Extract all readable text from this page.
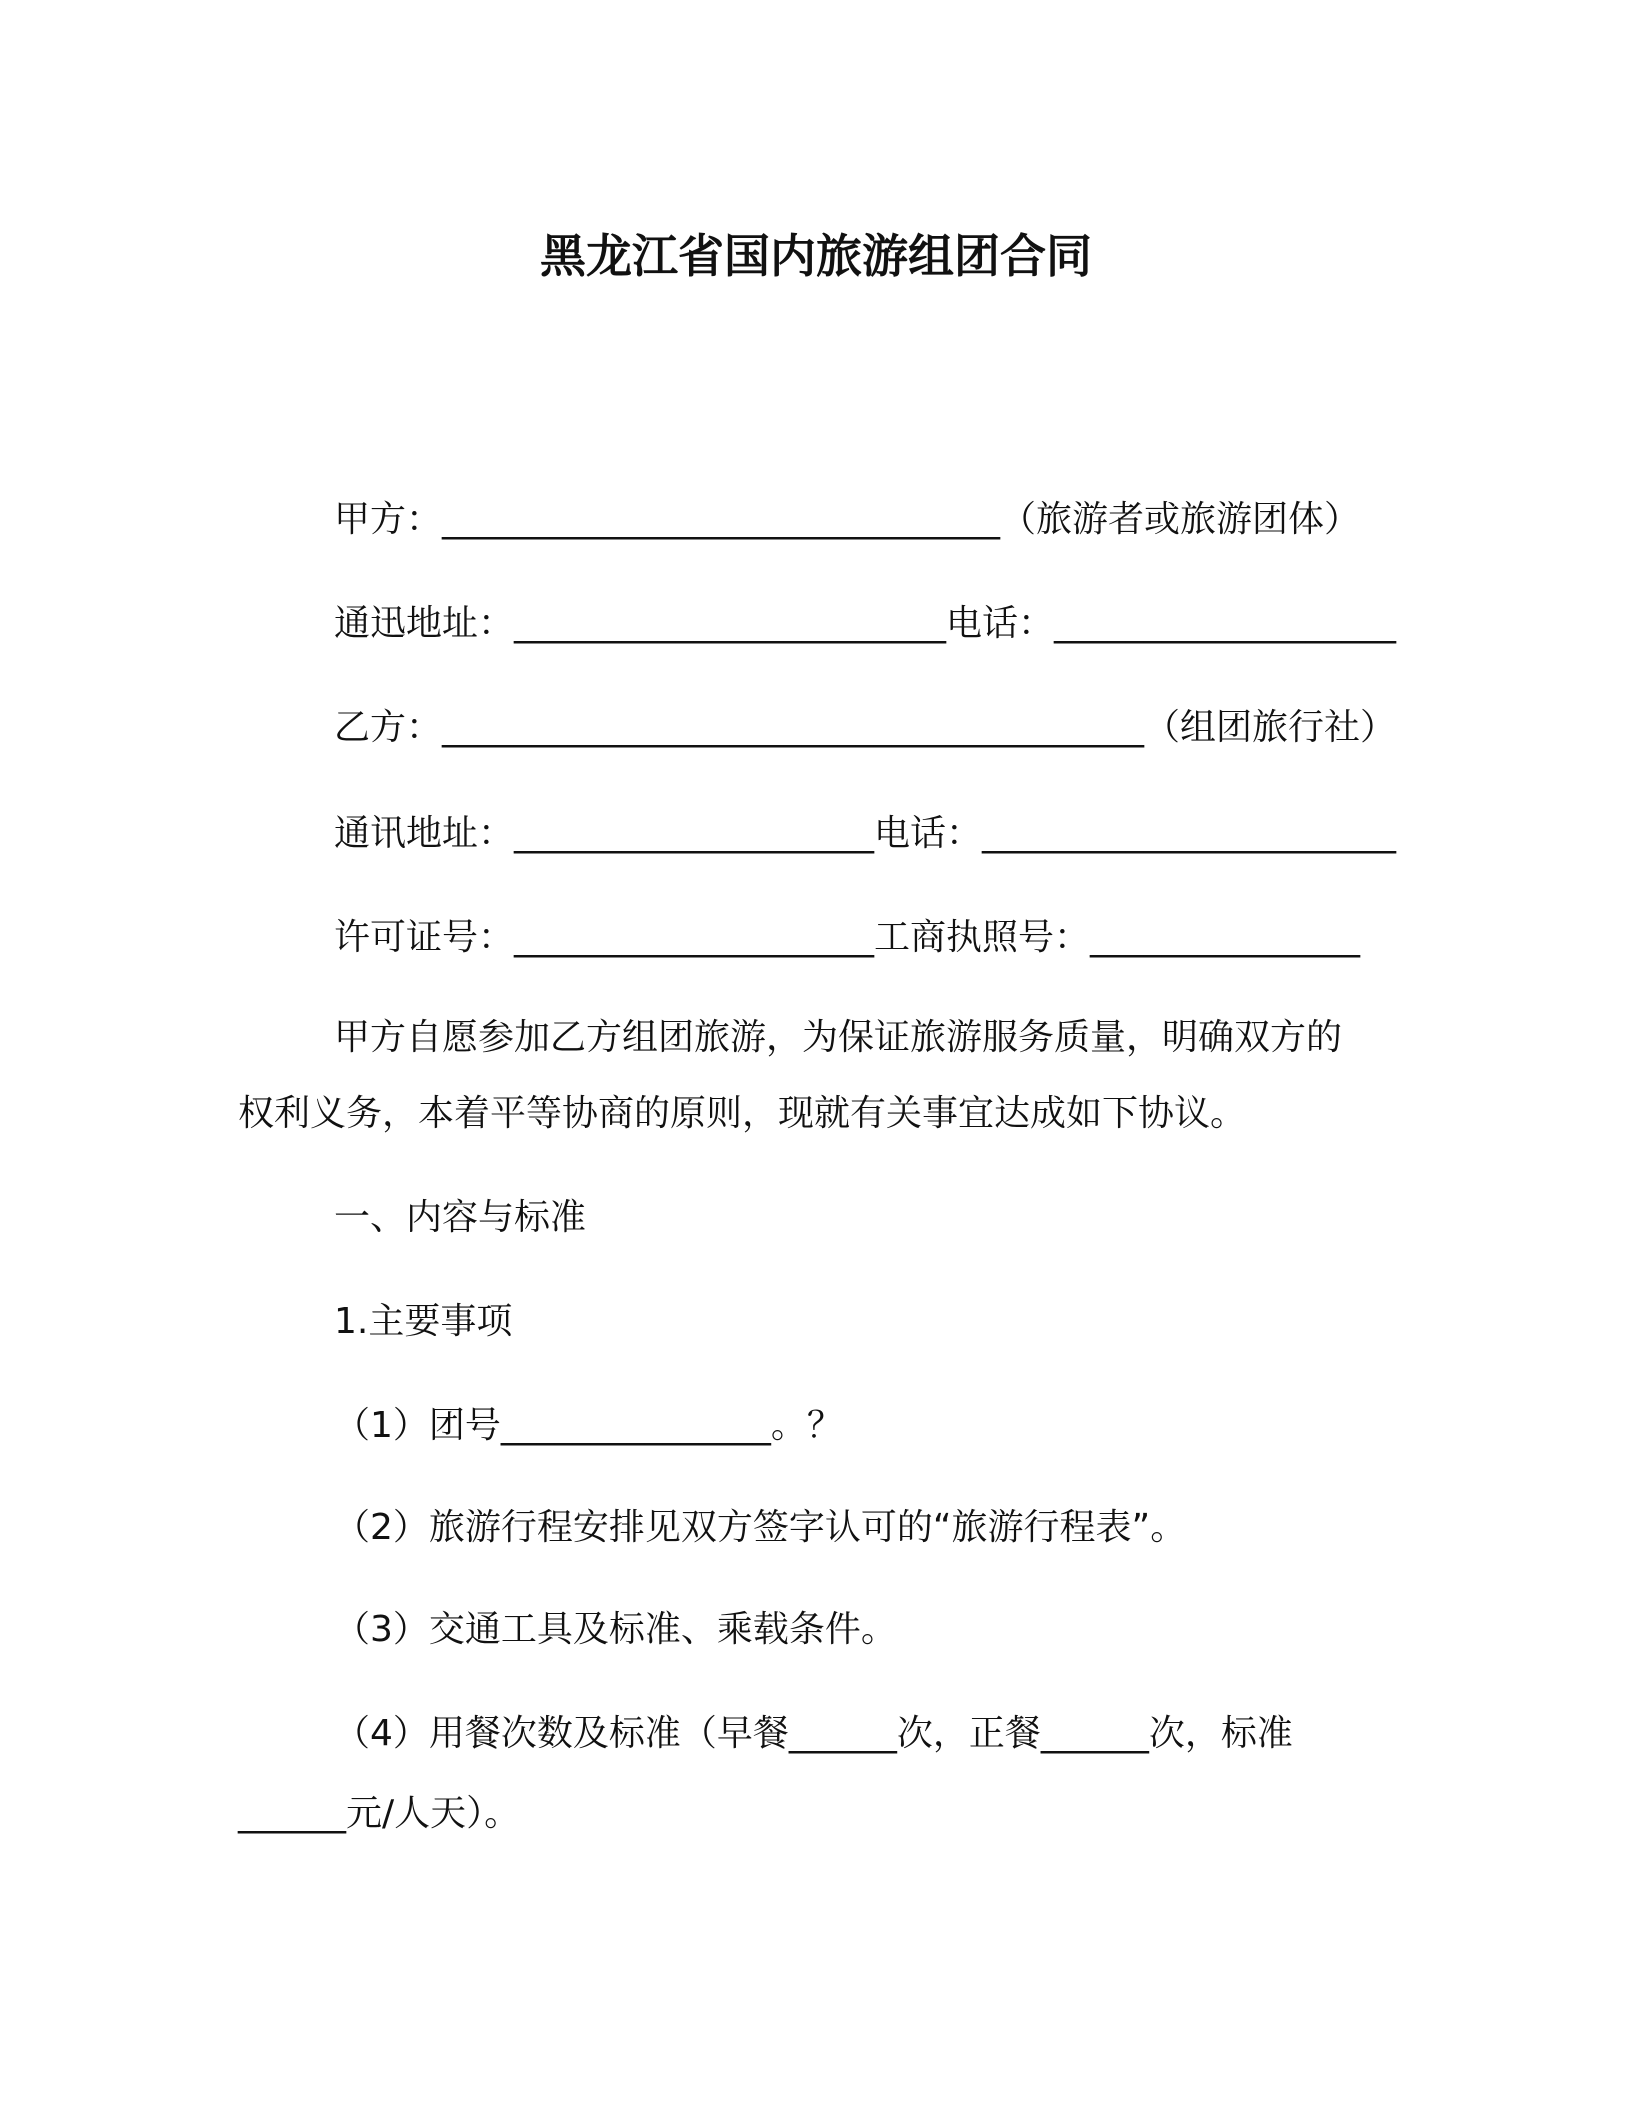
黑龙江省国内旅游组团合同
甲方：_______________________________（旅游者或旅游团体）
通迅地址：________________________电话：___________________
乙方：_______________________________________（组团旅行社）
通讯地址：____________________电话：_______________________
许可证号：____________________工商执照号：_______________
甲方自愿参加乙方组团旅游，为保证旅游服务质量，明确双方的
权利义务，本着平等协商的原则，现就有关事宜达成如下协议。
一、内容与标准
1.主要事项
（1）团号_______________。？
（2）旅游行程安排见双方签字认可的“旅游行程表”。
（3）交通工具及标准、乘载条件。
（4）用餐次数及标准（早餐______次，正餐______次，标准
______元/人天）。
